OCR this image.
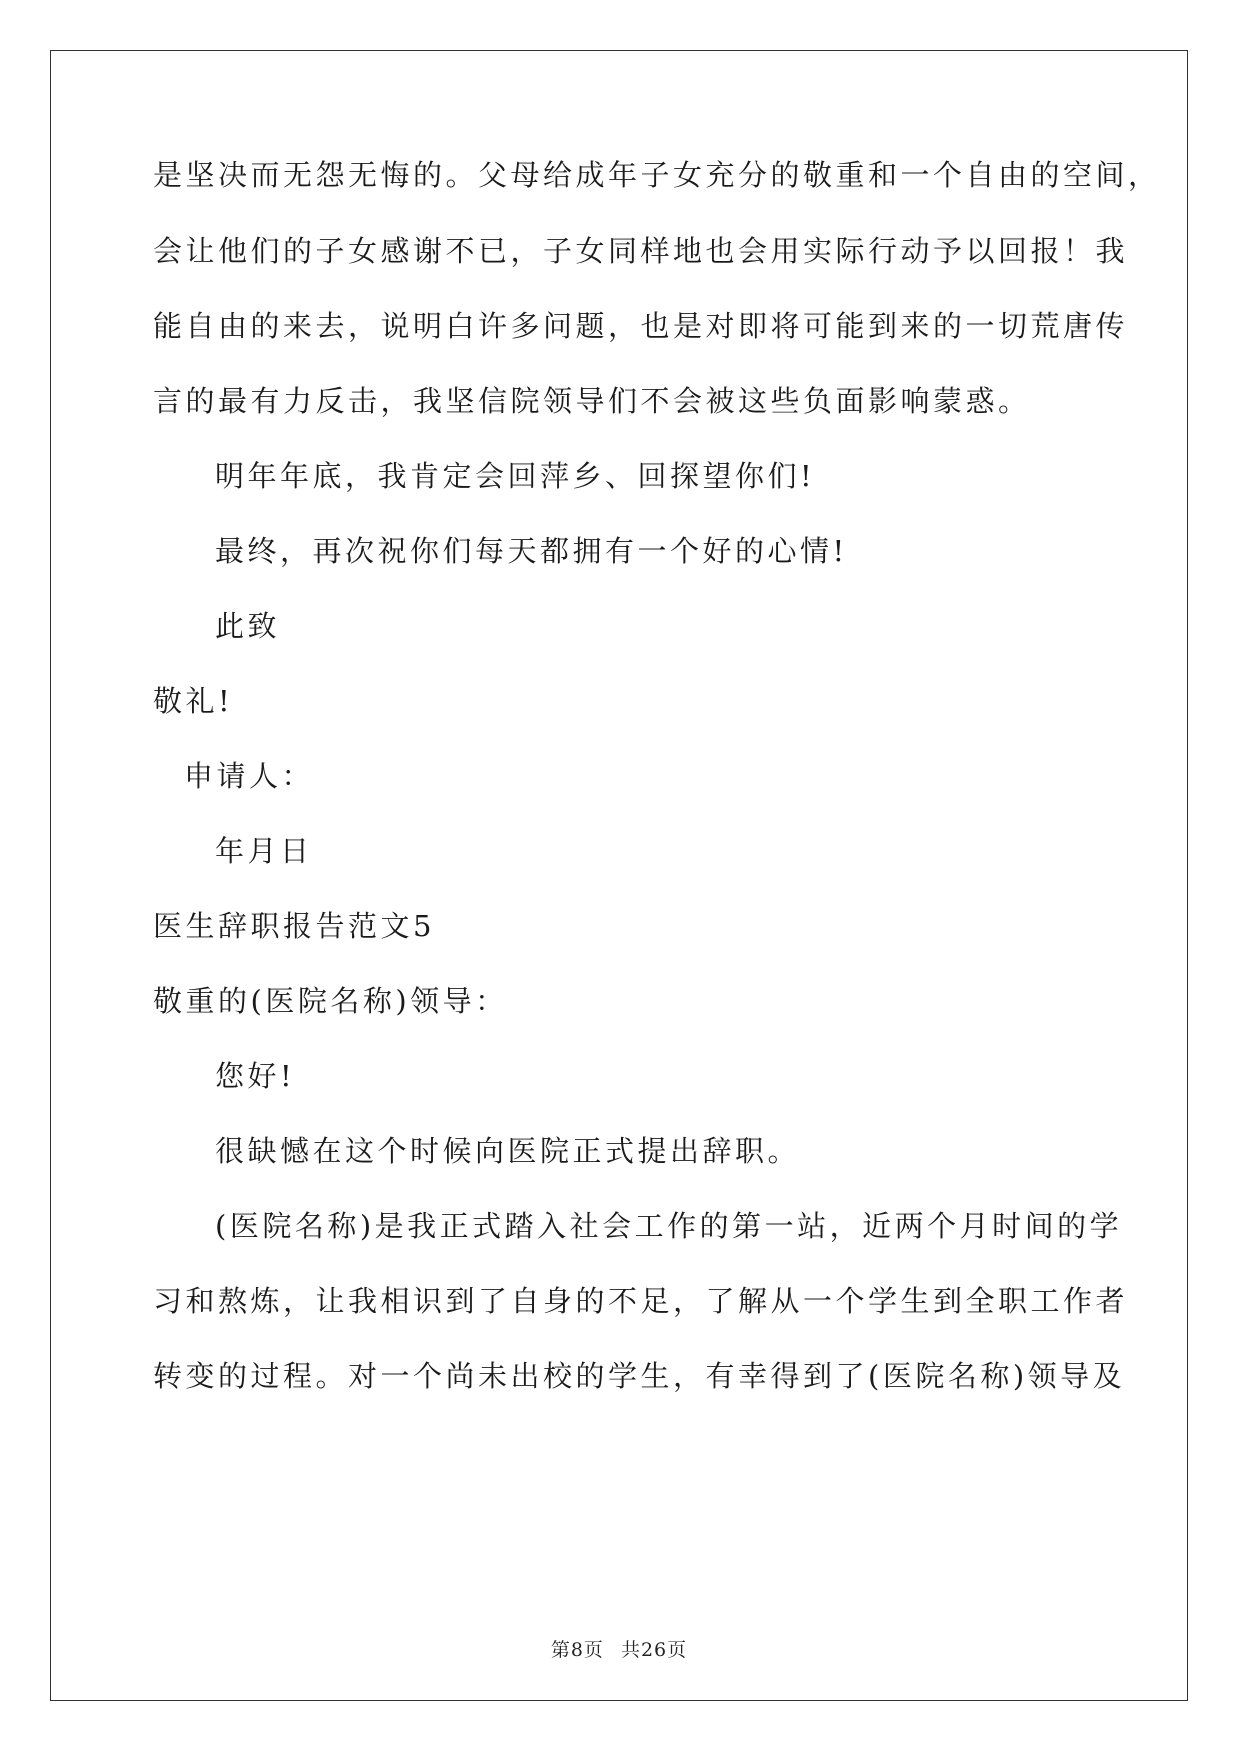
是坚决而无怨无悔的。父母给成年子女充分的敬重和一个自由的空间，
会让他们的子女感谢不已，子女同样地也会用实际行动予以回报！我
能自由的来去，说明白许多问题，也是对即将可能到来的一切荒唐传
言的最有力反击，我坚信院领导们不会被这些负面影响蒙惑。
明年年底，我肯定会回萍乡、回探望你们!
最终，再次祝你们每天都拥有一个好的心情!
此致
敬礼!
申请人：
年月日
医生辞职报告范文5
敬重的(医院名称)领导：
您好!
很缺憾在这个时候向医院正式提出辞职。
(医院名称)是我正式踏入社会工作的第一站，近两个月时间的学
习和熬炼，让我相识到了自身的不足，了解从一个学生到全职工作者
转变的过程。对一个尚未出校的学生，有幸得到了(医院名称)领导及
第8页 共26页
